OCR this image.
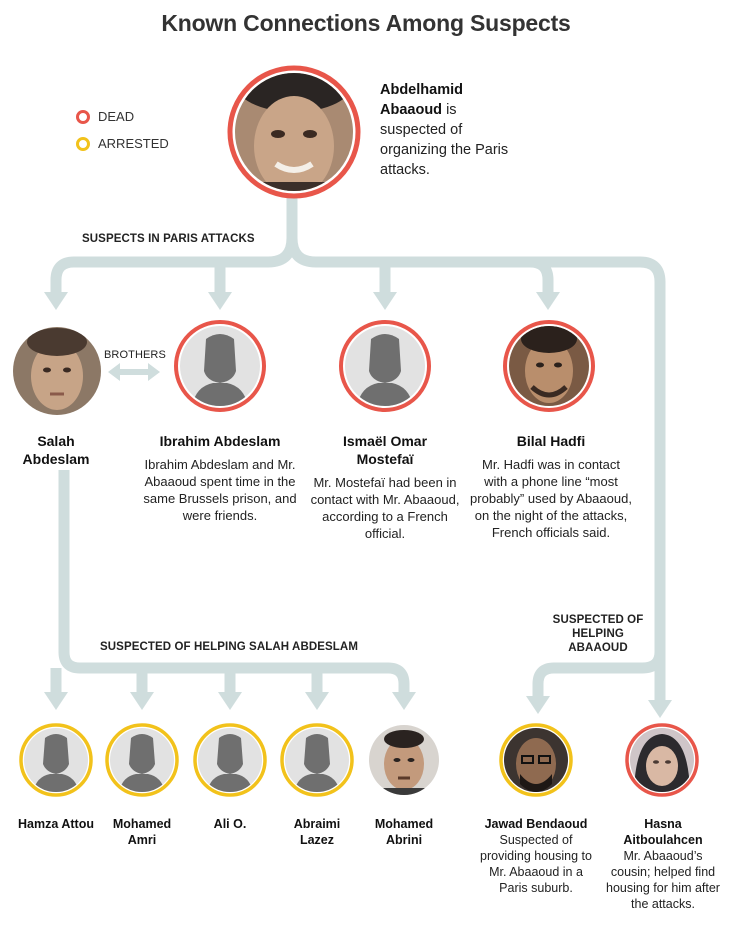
Known Connections Among Suspects
DEAD
ARRESTED
Abdelhamid Abaaoud is suspected of organizing the Paris attacks.
SUSPECTS IN PARIS ATTACKS
BROTHERS
Salah Abdeslam
Ibrahim Abdeslam
Ibrahim Abdeslam and Mr. Abaaoud spent time in the same Brussels prison, and were friends.
Ismaël Omar Mostefaï
Mr. Mostefaï had been in contact with Mr. Abaaoud, according to a French official.
Bilal Hadfi
Mr. Hadfi was in contact with a phone line “most probably” used by Abaaoud, on the night of the attacks, French officials said.
SUSPECTED OF HELPING SALAH ABDESLAM
SUSPECTED OF HELPING ABAAOUD
Hamza Attou	Mohamed Amri
Ali O.	Abraimi Lazez
Mohamed Abrini
Jawad Bendaoud
Suspected of providing housing to Mr. Abaaoud in a Paris suburb.
Hasna Aitboulahcen
Mr. Abaaoud’s cousin; helped find housing for him after the attacks.
